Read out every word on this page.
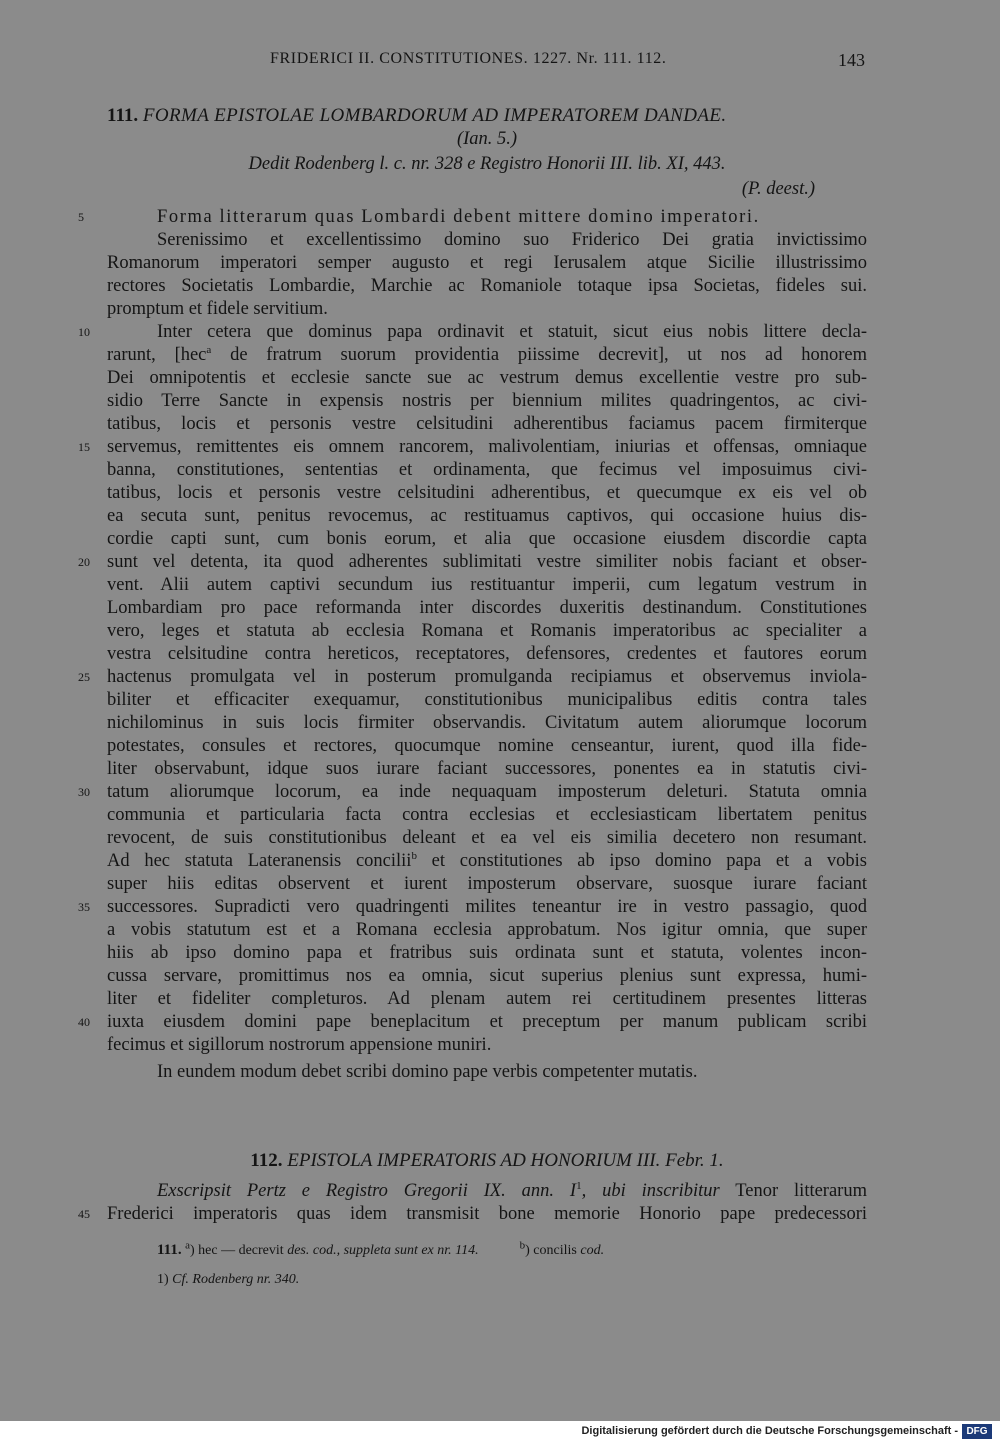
FRIDERICI II. CONSTITUTIONES. 1227. Nr. 111. 112.	143
111. FORMA EPISTOLAE LOMBARDORUM AD IMPERATOREM DANDAE.
(Ian. 5.)
Dedit Rodenberg l. c. nr. 328 e Registro Honorii III. lib. XI, 443.
(P. deest.)
Forma litterarum quas Lombardi debent mittere domino imperatori.
5
Serenissimo et excellentissimo domino suo Friderico Dei gratia invictissimo
Romanorum imperatori semper augusto et regi Ierusalem atque Sicilie illustrissimo
rectores Societatis Lombardie, Marchie ac Romaniole totaque ipsa Societas, fideles sui.
promptum et fidele servitium.
Inter cetera que dominus papa ordinavit et statuit, sicut eius nobis littere decla-
10
rarunt, [hec$^a$ de fratrum suorum providentia piissime decrevit], ut nos ad honorem
Dei omnipotentis et ecclesie sancte sue ac vestrum demus excellentie vestre pro sub-
sidio Terre Sancte in expensis nostris per biennium milites quadringentos, ac civi-
tatibus, locis et personis vestre celsitudini adherentibus faciamus pacem firmiterque
servemus, remittentes eis omnem rancorem, malivolentiam, iniurias et offensas, omniaque
15
banna, constitutiones, sententias et ordinamenta, que fecimus vel imposuimus civi-
tatibus, locis et personis vestre celsitudini adherentibus, et quecumque ex eis vel ob
ea secuta sunt, penitus revocemus, ac restituamus captivos, qui occasione huius dis-
cordie capti sunt, cum bonis eorum, et alia que occasione eiusdem discordie capta
sunt vel detenta, ita quod adherentes sublimitati vestre similiter nobis faciant et obser-
20
vent. Alii autem captivi secundum ius restituantur imperii, cum legatum vestrum in
Lombardiam pro pace reformanda inter discordes duxeritis destinandum. Constitutiones
vero, leges et statuta ab ecclesia Romana et Romanis imperatoribus ac specialiter a
vestra celsitudine contra hereticos, receptatores, defensores, credentes et fautores eorum
hactenus promulgata vel in posterum promulganda recipiamus et observemus inviola-
25
biliter et efficaciter exequamur, constitutionibus municipalibus editis contra tales
nichilominus in suis locis firmiter observandis. Civitatum autem aliorumque locorum
potestates, consules et rectores, quocumque nomine censeantur, iurent, quod illa fide-
liter observabunt, idque suos iurare faciant successores, ponentes ea in statutis civi-
tatum aliorumque locorum, ea inde nequaquam imposterum deleturi. Statuta omnia
30
communia et particularia facta contra ecclesias et ecclesiasticam libertatem penitus
revocent, de suis constitutionibus deleant et ea vel eis similia decetero non resumant.
Ad hec statuta Lateranensis concilii$^b$ et constitutiones ab ipso domino papa et a vobis
super hiis editas observent et iurent imposterum observare, suosque iurare faciant
successores. Supradicti vero quadringenti milites teneantur ire in vestro passagio, quod
35
a vobis statutum est et a Romana ecclesia approbatum. Nos igitur omnia, que super
hiis ab ipso domino papa et fratribus suis ordinata sunt et statuta, volentes incon-
cussa servare, promittimus nos ea omnia, sicut superius plenius sunt expressa, humi-
liter et fideliter completuros. Ad plenam autem rei certitudinem presentes litteras
iuxta eiusdem domini pape beneplacitum et preceptum per manum publicam scribi
40
fecimus et sigillorum nostrorum appensione muniri.
In eundem modum debet scribi domino pape verbis competenter mutatis.
112. EPISTOLA IMPERATORIS AD HONORIUM III. Febr. 1.
Exscripsit Pertz e Registro Gregorii IX. ann. $I^1$, ubi inscribitur Tenor litterarum
45 Frederici imperatoris quas idem transmisit bone memorie Honorio pape predecessori
111. $^a$) hec — decrevit des. cod., suppleta sunt ex nr. 114.	$^b$) concilis cod.
1) Cf. Rodenberg nr. 340.
Digitalisierung gefördert durch die Deutsche Forschungsgemeinschaft - DFG
